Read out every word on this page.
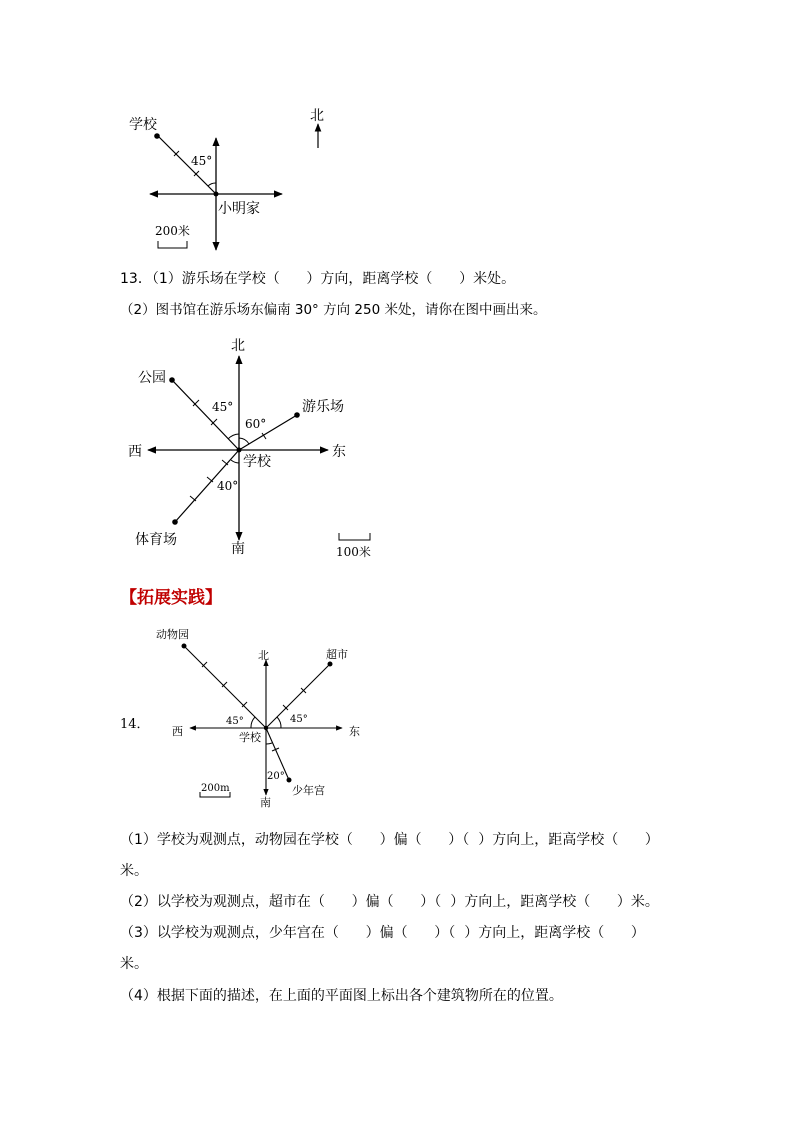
学校
45°
小明家
200米
北
13．（1）游乐场在学校（      ）方向，距离学校（      ）米处。
（2）图书馆在游乐场东偏南 30° 方向 250 米处，请你在图中画出来。
北
南
东
西
公园
45°
60°
游乐场
学校
40°
体育场
100米
【拓展实践】
14．
动物园
北	超市
西	东
45°	45°
学校
20°
少年宫
200m
南
（1）学校为观测点，动物园在学校（      ）偏（      ）（  ）方向上，距高学校（      ）
米。
（2）以学校为观测点，超市在（      ）偏（      ）（  ）方向上，距离学校（      ）米。
（3）以学校为观测点，少年宫在（      ）偏（      ）（  ）方向上，距离学校（      ）
米。
（4）根据下面的描述，在上面的平面图上标出各个建筑物所在的位置。
